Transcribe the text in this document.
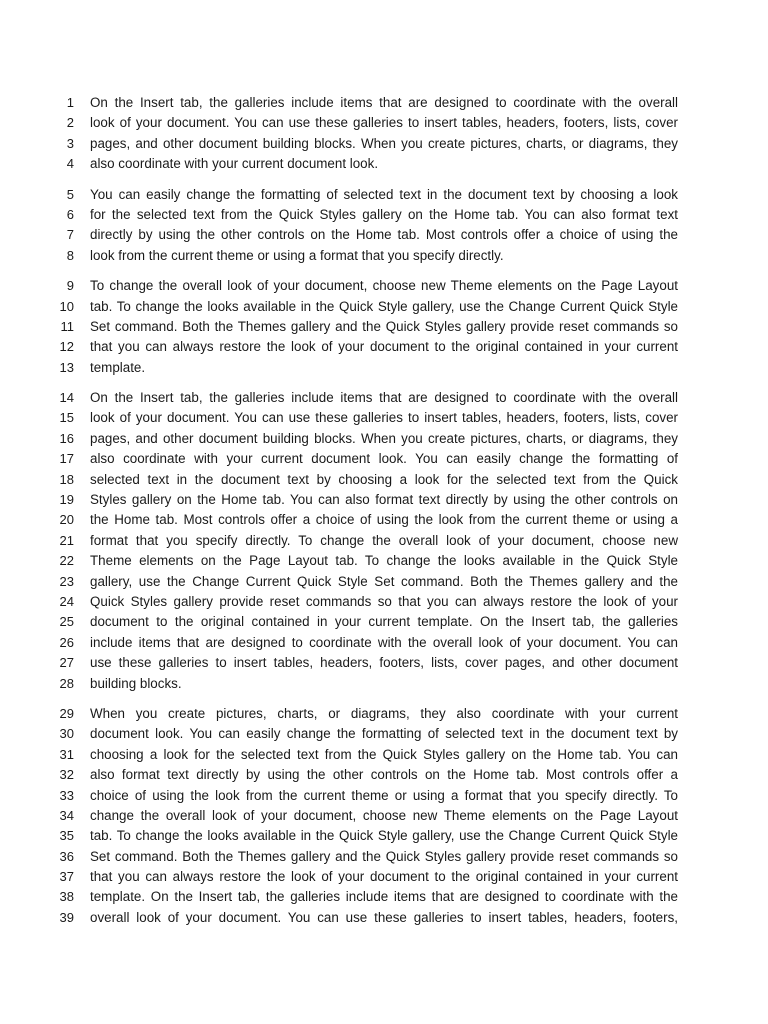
1
2
3
4
5
6
7
8
9
10
11
12
13
14
15
16
17
18
19
20
21
22
23
24
25
26
27
28
29
30
31
32
33
34
35
36
37
38
39
On the Insert tab, the galleries include items that are designed to coordinate with the overall
look of your document. You can use these galleries to insert tables, headers, footers, lists, cover
pages, and other document building blocks. When you create pictures, charts, or diagrams, they
also coordinate with your current document look.
You can easily change the formatting of selected text in the document text by choosing a look
for the selected text from the Quick Styles gallery on the Home tab. You can also format text
directly by using the other controls on the Home tab. Most controls offer a choice of using the
look from the current theme or using a format that you specify directly.
To change the overall look of your document, choose new Theme elements on the Page Layout
tab. To change the looks available in the Quick Style gallery, use the Change Current Quick Style
Set command. Both the Themes gallery and the Quick Styles gallery provide reset commands so
that you can always restore the look of your document to the original contained in your current
template.
On the Insert tab, the galleries include items that are designed to coordinate with the overall
look of your document. You can use these galleries to insert tables, headers, footers, lists, cover
pages, and other document building blocks. When you create pictures, charts, or diagrams, they
also coordinate with your current document look. You can easily change the formatting of
selected text in the document text by choosing a look for the selected text from the Quick
Styles gallery on the Home tab. You can also format text directly by using the other controls on
the Home tab. Most controls offer a choice of using the look from the current theme or using a
format that you specify directly. To change the overall look of your document, choose new
Theme elements on the Page Layout tab. To change the looks available in the Quick Style
gallery, use the Change Current Quick Style Set command. Both the Themes gallery and the
Quick Styles gallery provide reset commands so that you can always restore the look of your
document to the original contained in your current template. On the Insert tab, the galleries
include items that are designed to coordinate with the overall look of your document. You can
use these galleries to insert tables, headers, footers, lists, cover pages, and other document
building blocks.
When you create pictures, charts, or diagrams, they also coordinate with your current
document look. You can easily change the formatting of selected text in the document text by
choosing a look for the selected text from the Quick Styles gallery on the Home tab. You can
also format text directly by using the other controls on the Home tab. Most controls offer a
choice of using the look from the current theme or using a format that you specify directly. To
change the overall look of your document, choose new Theme elements on the Page Layout
tab. To change the looks available in the Quick Style gallery, use the Change Current Quick Style
Set command. Both the Themes gallery and the Quick Styles gallery provide reset commands so
that you can always restore the look of your document to the original contained in your current
template. On the Insert tab, the galleries include items that are designed to coordinate with the
overall look of your document. You can use these galleries to insert tables, headers, footers,
